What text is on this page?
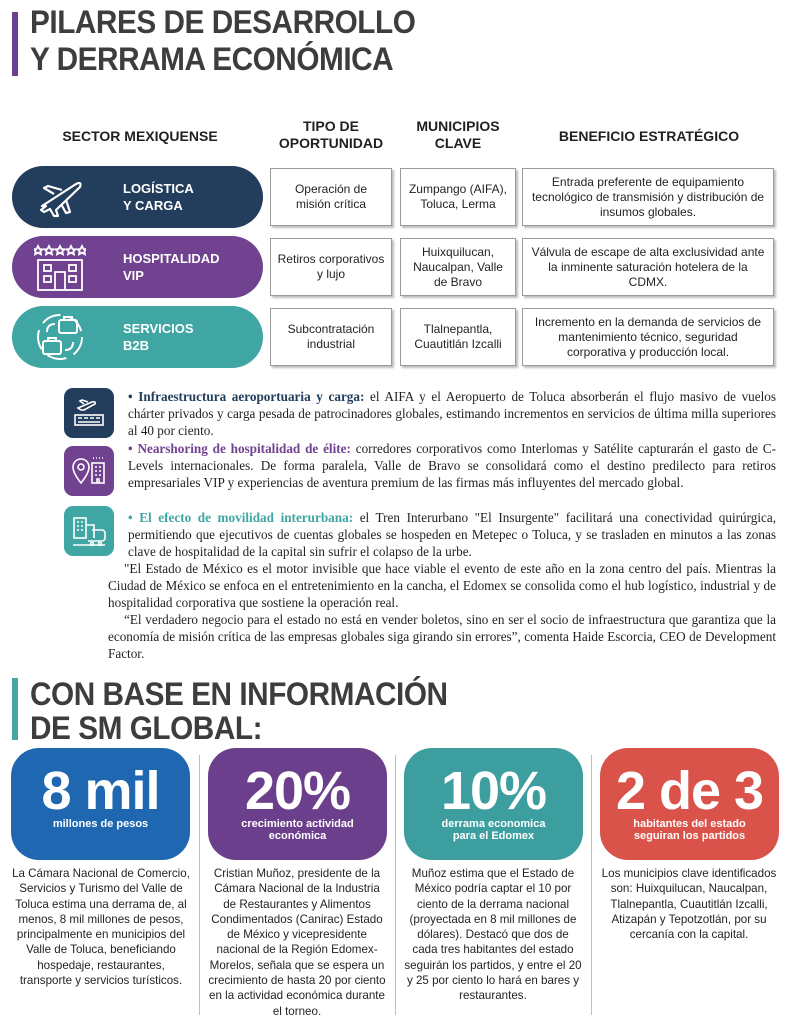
PILARES DE DESARROLLO
Y DERRAMA ECONÓMICA
SECTOR MEXIQUENSE
TIPO DE
OPORTUNIDAD
MUNICIPIOS
CLAVE	BENEFICIO ESTRATÉGICO
LOGÍSTICA
Y CARGA
Operación de misión crítica
Zumpango (AIFA), Toluca, Lerma
Entrada preferente de equipamiento tecnológico de transmisión y distribución de insumos globales.
HOSPITALIDAD
VIP
Retiros corporativos y lujo
Huixquilucan, Naucalpan, Valle de Bravo
Válvula de escape de alta exclusividad ante la inminente saturación hotelera de la CDMX.
SERVICIOS
B2B
Subcontratación industrial
Tlalnepantla, Cuautitlán Izcalli
Incremento en la demanda de servicios de mantenimiento técnico, seguridad corporativa y producción local.
• Infraestructura aeroportuaria y carga: el AIFA y el Aeropuerto de Toluca absorberán el flujo masivo de vuelos chárter privados y carga pesada de patrocinadores globales, estimando incrementos en servicios de última milla superiores al 40 por ciento.
• Nearshoring de hospitalidad de élite: corredores corporativos como Interlomas y Satélite capturarán el gasto de C-Levels internacionales. De forma paralela, Valle de Bravo se consolidará como el destino predilecto para retiros empresariales VIP y experiencias de aventura premium de las firmas más influyentes del mercado global.
• El efecto de movilidad interurbana: el Tren Interurbano "El Insurgente" facilitará una conectividad quirúrgica, permitiendo que ejecutivos de cuentas globales se hospeden en Metepec o Toluca, y se trasladen en minutos a las zonas clave de hospitalidad de la capital sin sufrir el colapso de la urbe.
"El Estado de México es el motor invisible que hace viable el evento de este año en la zona centro del país. Mientras la Ciudad de México se enfoca en el entretenimiento en la cancha, el Edomex se consolida como el hub logístico, industrial y de hospitalidad corporativa que sostiene la operación real.
“El verdadero negocio para el estado no está en vender boletos, sino en ser el socio de infraestructura que garantiza que la economía de misión crítica de las empresas globales siga girando sin errores”, comenta Haide Escorcia, CEO de Development Factor.
CON BASE EN INFORMACIÓN
DE SM GLOBAL:
8 mil
millones de pesos
20%
crecimiento actividad económica
10%
derrama economica para el Edomex
2 de 3
habitantes del estado seguiran los partidos
La Cámara Nacional de Comercio, Servicios y Turismo del Valle de Toluca estima una derrama de, al menos, 8 mil millones de pesos, principalmente en municipios del Valle de Toluca, beneficiando hospedaje, restaurantes, transporte y servicios turísticos.
Cristian Muñoz, presidente de la Cámara Nacional de la Industria de Restaurantes y Alimentos Condimentados (Canirac) Estado de México y vicepresidente nacional de la Región Edomex-Morelos, señala que se espera un crecimiento de hasta 20 por ciento en la actividad económica durante el torneo.
Muñoz estima que el Estado de México podría captar el 10 por ciento de la derrama nacional (proyectada en 8 mil millones de dólares). Destacó que dos de cada tres habitantes del estado seguirán los partidos, y entre el 20 y 25 por ciento lo hará en bares y restaurantes.
Los municipios clave identificados son: Huixquilucan, Naucalpan, Tlalnepantla, Cuautitlán Izcalli, Atizapán y Tepotzotlán, por su cercanía con la capital.
